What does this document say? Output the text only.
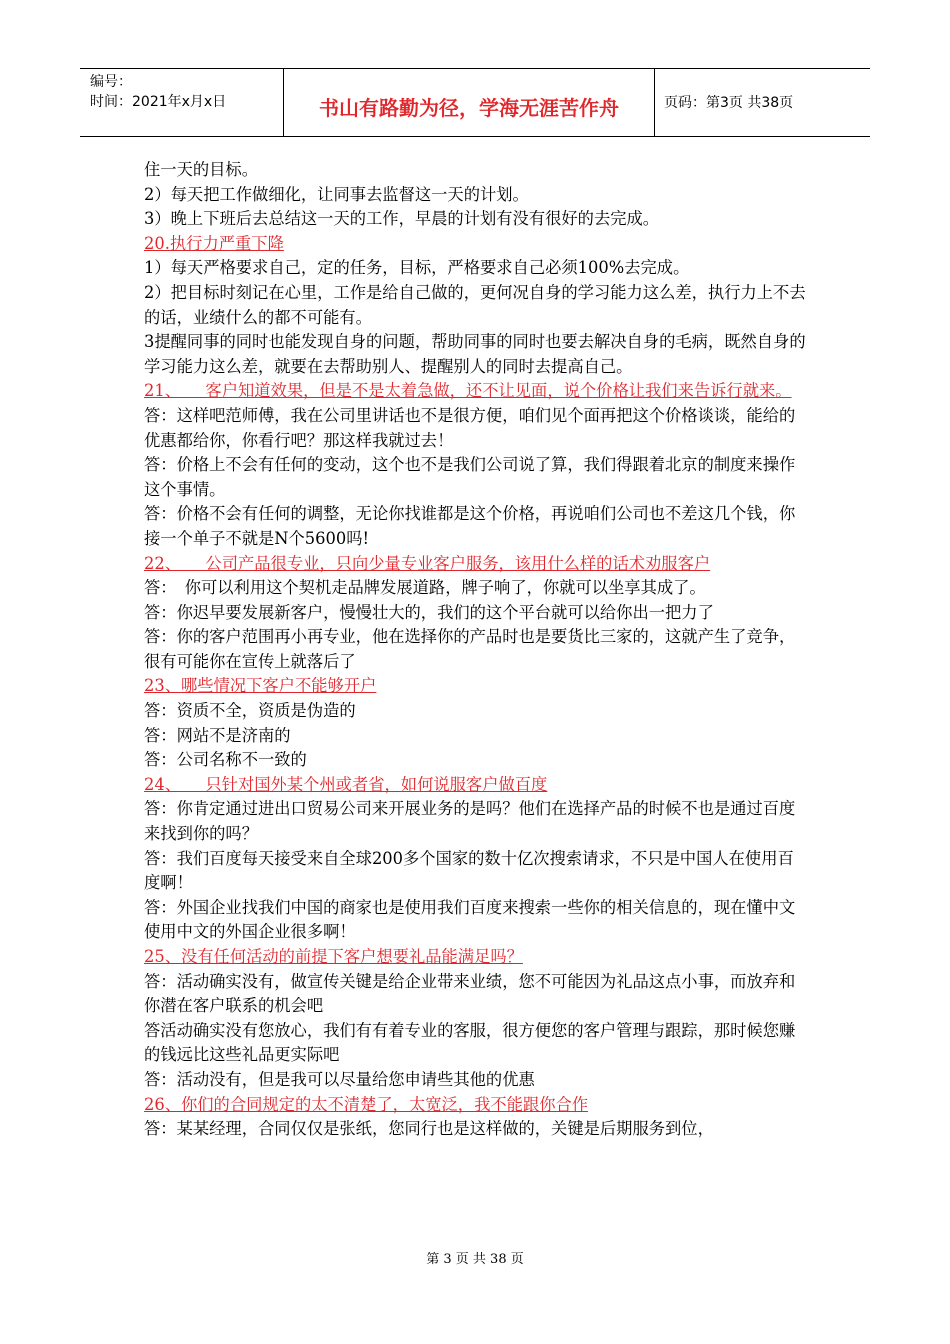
编号：
时间：2021年x月x日	书山有路勤为径，学海无涯苦作舟	页码：第3页 共38页

住一天的目标。

2）每天把工作做细化，让同事去监督这一天的计划。

3）晚上下班后去总结这一天的工作，早晨的计划有没有很好的去完成。

20.执行力严重下降

1）每天严格要求自己，定的任务，目标，严格要求自己必须100%去完成。

2）把目标时刻记在心里，工作是给自己做的，更何况自身的学习能力这么差，执行力上不去的话，业绩什么的都不可能有。

3提醒同事的同时也能发现自身的问题，帮助同事的同时也要去解决自身的毛病，既然自身的学习能力这么差，就要在去帮助别人、提醒别人的同时去提高自己。

21、　　客户知道效果，但是不是太着急做，还不让见面，说个价格让我们来告诉行就来。

答：这样吧范师傅，我在公司里讲话也不是很方便，咱们见个面再把这个价格谈谈，能给的优惠都给你，你看行吧？那这样我就过去！

答：价格上不会有任何的变动，这个也不是我们公司说了算，我们得跟着北京的制度来操作这个事情。

答：价格不会有任何的调整，无论你找谁都是这个价格，再说咱们公司也不差这几个钱，你接一个单子不就是N个5600吗!

22、　　公司产品很专业，只向少量专业客户服务，该用什么样的话术劝服客户

答：　你可以利用这个契机走品牌发展道路，牌子响了，你就可以坐享其成了。

答：你迟早要发展新客户，慢慢壮大的，我们的这个平台就可以给你出一把力了

答：你的客户范围再小再专业，他在选择你的产品时也是要货比三家的，这就产生了竞争，很有可能你在宣传上就落后了

23、哪些情况下客户不能够开户

答：资质不全，资质是伪造的

答：网站不是济南的

答：公司名称不一致的

24、　　只针对国外某个州或者省，如何说服客户做百度

答：你肯定通过进出口贸易公司来开展业务的是吗？他们在选择产品的时候不也是通过百度来找到你的吗？

答：我们百度每天接受来自全球200多个国家的数十亿次搜索请求，不只是中国人在使用百度啊！

答：外国企业找我们中国的商家也是使用我们百度来搜索一些你的相关信息的，现在懂中文使用中文的外国企业很多啊！

25、没有任何活动的前提下客户想要礼品能满足吗？

答：活动确实没有，做宣传关键是给企业带来业绩，您不可能因为礼品这点小事，而放弃和你潜在客户联系的机会吧

答活动确实没有您放心，我们有有着专业的客服，很方便您的客户管理与跟踪，那时候您赚的钱远比这些礼品更实际吧

答：活动没有，但是我可以尽量给您申请些其他的优惠

26、你们的合同规定的太不清楚了，太宽泛，我不能跟你合作

答：某某经理，合同仅仅是张纸，您同行也是这样做的，关键是后期服务到位，

第 3 页 共 38 页
